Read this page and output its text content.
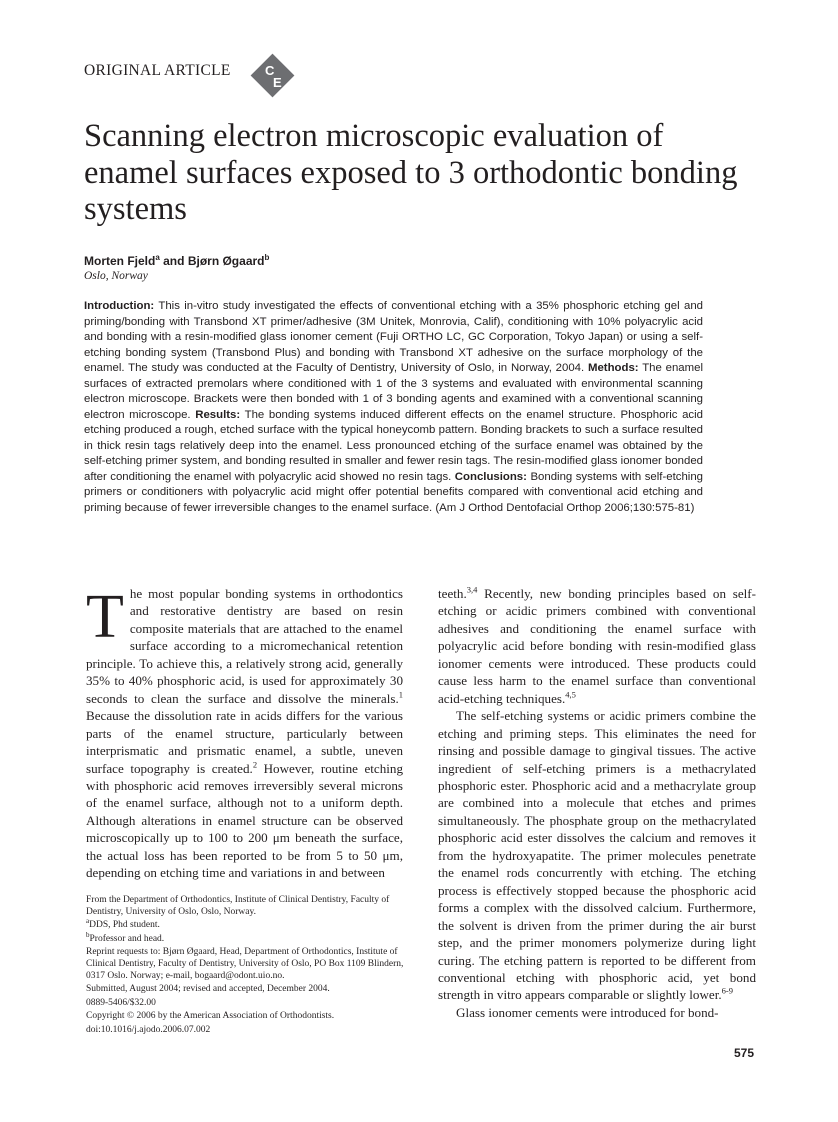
ORIGINAL ARTICLE	C
E
Scanning electron microscopic evaluation of enamel surfaces exposed to 3 orthodontic bonding systems
Morten Fjeld$^a$ and Bjørn Øgaard$^b$
Oslo, Norway
Introduction: This in-vitro study investigated the effects of conventional etching with a 35% phosphoric etching gel and priming/bonding with Transbond XT primer/adhesive (3M Unitek, Monrovia, Calif), conditioning with 10% polyacrylic acid and bonding with a resin-modified glass ionomer cement (Fuji ORTHO LC, GC Corporation, Tokyo Japan) or using a self-etching bonding system (Transbond Plus) and bonding with Transbond XT adhesive on the surface morphology of the enamel. The study was conducted at the Faculty of Dentistry, University of Oslo, in Norway, 2004. Methods: The enamel surfaces of extracted premolars where conditioned with 1 of the 3 systems and evaluated with environmental scanning electron microscope. Brackets were then bonded with 1 of 3 bonding agents and examined with a conventional scanning electron microscope. Results: The bonding systems induced different effects on the enamel structure. Phosphoric acid etching produced a rough, etched surface with the typical honeycomb pattern. Bonding brackets to such a surface resulted in thick resin tags relatively deep into the enamel. Less pronounced etching of the surface enamel was obtained by the self-etching primer system, and bonding resulted in smaller and fewer resin tags. The resin-modified glass ionomer bonded after conditioning the enamel with polyacrylic acid showed no resin tags. Conclusions: Bonding systems with self-etching primers or conditioners with polyacrylic acid might offer potential benefits compared with conventional acid etching and priming because of fewer irreversible changes to the enamel surface. (Am J Orthod Dentofacial Orthop 2006;130:575-81)

The most popular bonding systems in orthodontics and restorative dentistry are based on resin composite materials that are attached to the enamel surface according to a micromechanical retention principle. To achieve this, a relatively strong acid, generally 35% to 40% phosphoric acid, is used for approximately 30 seconds to clean the surface and dissolve the minerals.$^1$ Because the dissolution rate in acids differs for the various parts of the enamel structure, particularly between interprismatic and prismatic enamel, a subtle, uneven surface topography is created.$^2$ However, routine etching with phosphoric acid removes irreversibly several microns of the enamel surface, although not to a uniform depth. Although alterations in enamel structure can be observed microscopically up to 100 to 200 μm beneath the surface, the actual loss has been reported to be from 5 to 50 μm, depending on etching time and variations in and between

From the Department of Orthodontics, Institute of Clinical Dentistry, Faculty of Dentistry, University of Oslo, Oslo, Norway.

$^a$DDS, Phd student.

$^b$Professor and head.

Reprint requests to: Bjørn Øgaard, Head, Department of Orthodontics, Institute of Clinical Dentistry, Faculty of Dentistry, University of Oslo, PO Box 1109 Blindern, 0317 Oslo. Norway; e-mail, bogaard@odont.uio.no.

Submitted, August 2004; revised and accepted, December 2004.

0889-5406/$32.00

Copyright © 2006 by the American Association of Orthodontists.

doi:10.1016/j.ajodo.2006.07.002

teeth.$^{3,4}$ Recently, new bonding principles based on self-etching or acidic primers combined with conventional adhesives and conditioning the enamel surface with polyacrylic acid before bonding with resin-modified glass ionomer cements were introduced. These products could cause less harm to the enamel surface than conventional acid-etching techniques.$^{4,5}$

The self-etching systems or acidic primers combine the etching and priming steps. This eliminates the need for rinsing and possible damage to gingival tissues. The active ingredient of self-etching primers is a methacrylated phosphoric ester. Phosphoric acid and a methacrylate group are combined into a molecule that etches and primes simultaneously. The phosphate group on the methacrylated phosphoric acid ester dissolves the calcium and removes it from the hydroxyapatite. The primer molecules penetrate the enamel rods concurrently with etching. The etching process is effectively stopped because the phosphoric acid forms a complex with the dissolved calcium. Furthermore, the solvent is driven from the primer during the air burst step, and the primer monomers polymerize during light curing. The etching pattern is reported to be different from conventional etching with phosphoric acid, yet bond strength in vitro appears comparable or slightly lower.$^{6-9}$

Glass ionomer cements were introduced for bond-

575
